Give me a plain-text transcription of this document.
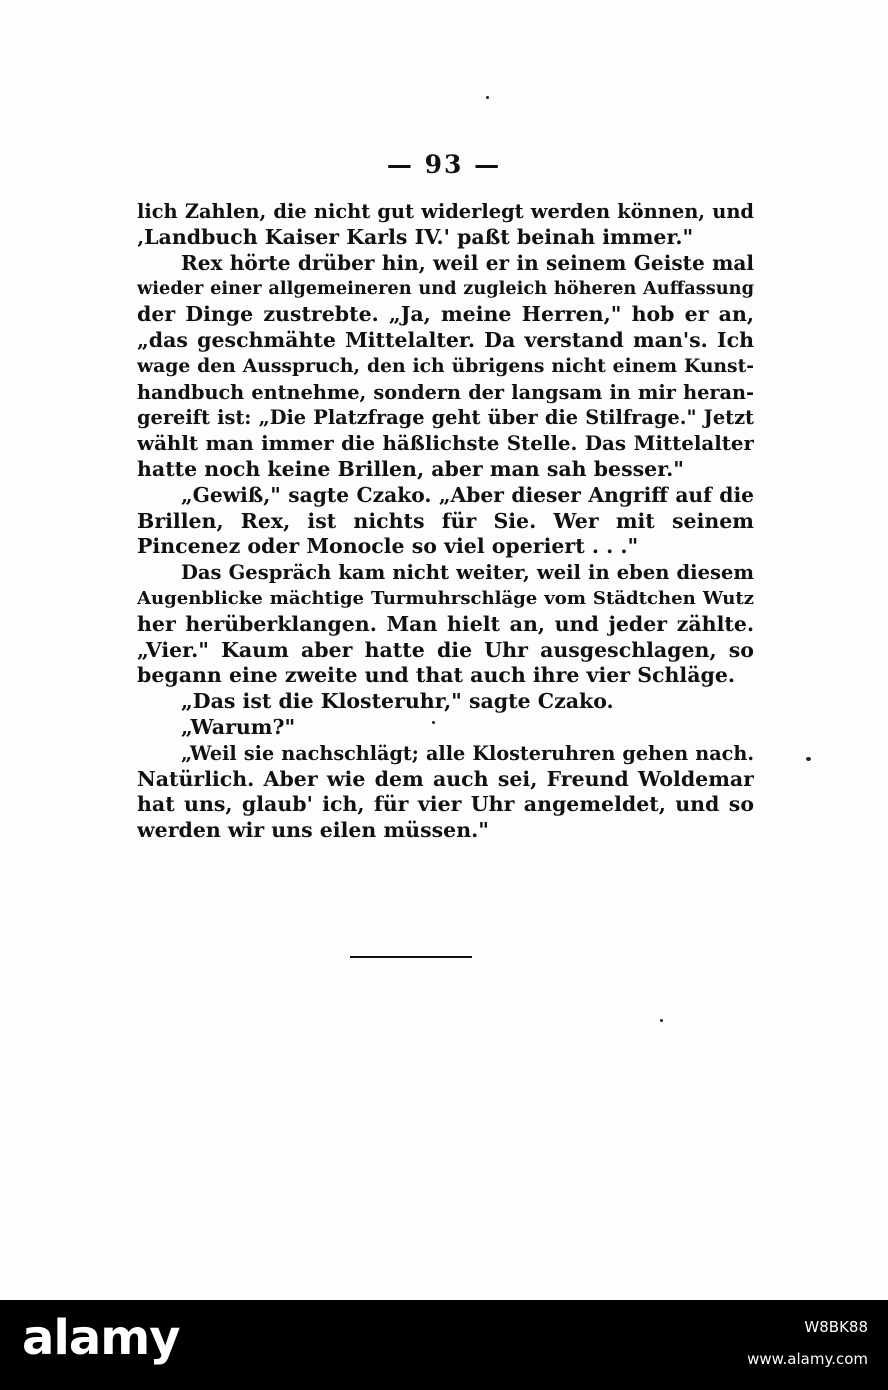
— 93 —
lich Zahlen, die nicht gut widerlegt werden können, und
‚Landbuch Kaiser Karls IV.' paßt beinah immer."
Rex hörte drüber hin, weil er in seinem Geiste mal
wieder einer allgemeineren und zugleich höheren Auffassung
der Dinge zustrebte. „Ja, meine Herren," hob er an,
„das geschmähte Mittelalter. Da verstand man's. Ich
wage den Ausspruch, den ich übrigens nicht einem Kunst-
handbuch entnehme, sondern der langsam in mir heran-
gereift ist: „Die Platzfrage geht über die Stilfrage." Jetzt
wählt man immer die häßlichste Stelle. Das Mittelalter
hatte noch keine Brillen, aber man sah besser."
„Gewiß," sagte Czako. „Aber dieser Angriff auf die
Brillen, Rex, ist nichts für Sie. Wer mit seinem
Pincenez oder Monocle so viel operiert . . ."
Das Gespräch kam nicht weiter, weil in eben diesem
Augenblicke mächtige Turmuhrschläge vom Städtchen Wutz
her herüberklangen. Man hielt an, und jeder zählte.
„Vier." Kaum aber hatte die Uhr ausgeschlagen, so
begann eine zweite und that auch ihre vier Schläge.
„Das ist die Klosteruhr," sagte Czako.
„Warum?"
„Weil sie nachschlägt; alle Klosteruhren gehen nach.
Natürlich. Aber wie dem auch sei, Freund Woldemar
hat uns, glaub' ich, für vier Uhr angemeldet, und so
werden wir uns eilen müssen."
alamy	W8BK88
www.alamy.com
